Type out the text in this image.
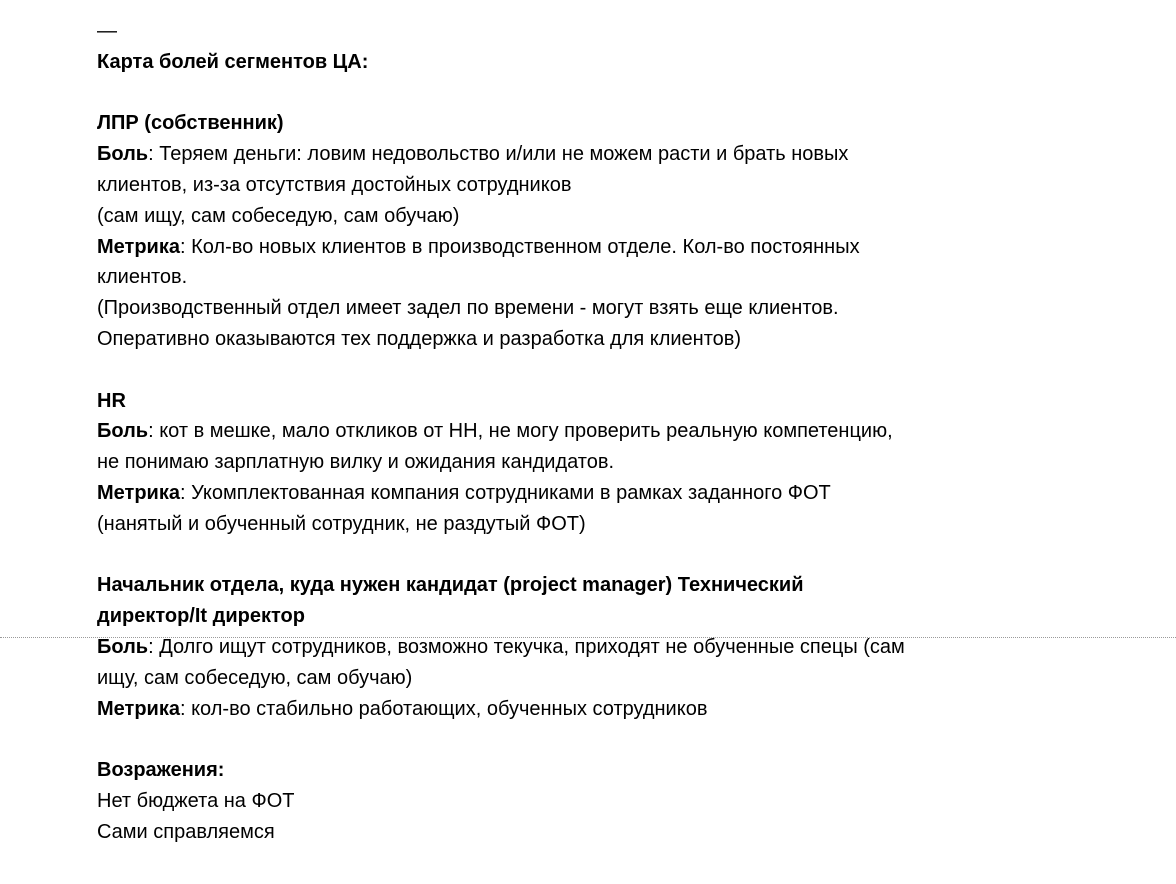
—
Карта болей сегментов ЦА:
ЛПР (собственник)
Боль: Теряем деньги: ловим недовольство и/или не можем расти и брать новых
клиентов, из-за отсутствия достойных сотрудников
(сам ищу, сам собеседую, сам обучаю)
Метрика: Кол-во новых клиентов в производственном отделе. Кол-во постоянных
клиентов.
(Производственный отдел имеет задел по времени - могут взять еще клиентов.
Оперативно оказываются тех поддержка и разработка для клиентов)
HR
Боль: кот в мешке, мало откликов от HH, не могу проверить реальную компетенцию,
не понимаю зарплатную вилку и ожидания кандидатов.
Метрика: Укомплектованная компания сотрудниками в рамках заданного ФОТ
(нанятый и обученный сотрудник, не раздутый ФОТ)
Начальник отдела, куда нужен кандидат (project manager) Технический
директор/It директор
Боль: Долго ищут сотрудников, возможно текучка, приходят не обученные спецы (сам
ищу, сам собеседую, сам обучаю)
Метрика: кол-во стабильно работающих, обученных сотрудников
Возражения:
Нет бюджета на ФОТ
Сами справляемся
